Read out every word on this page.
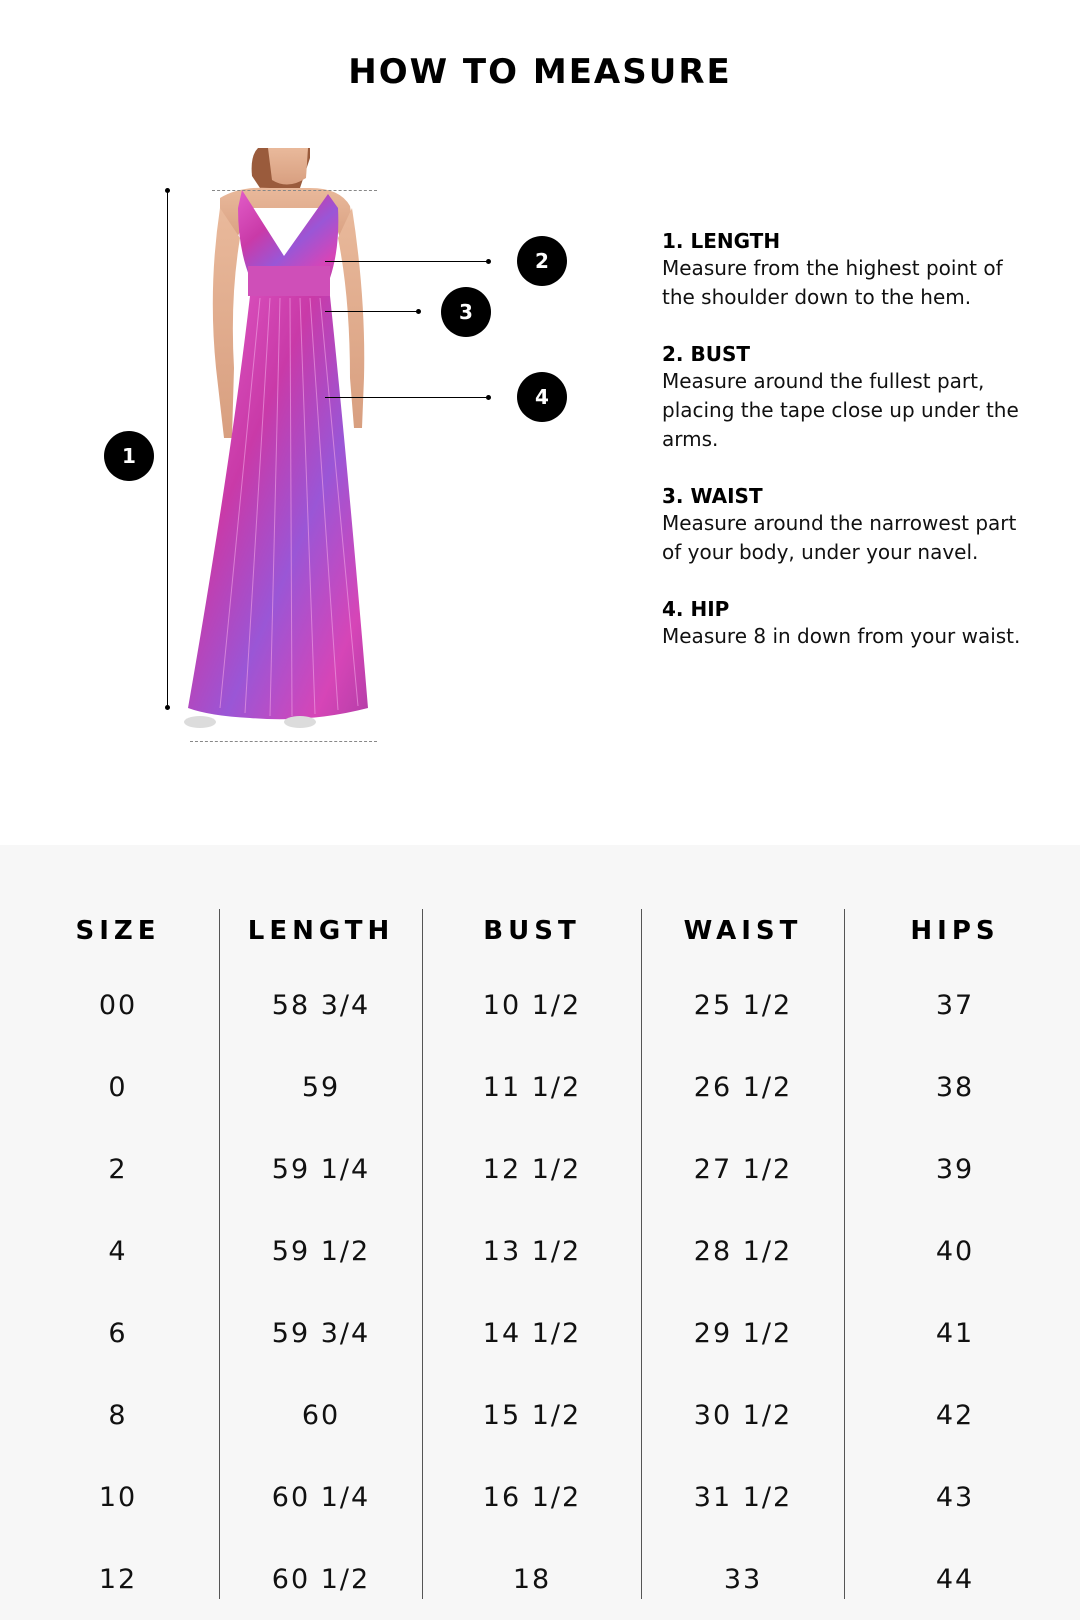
HOW TO MEASURE
1
2
3
4
1. LENGTH
Measure from the highest point of the shoulder down to the hem.
2. BUST
Measure around the fullest part, placing the tape close up under the arms.
3. WAIST
Measure around the narrowest part of your body, under your navel.
4. HIP
Measure 8 in down from your waist.
SIZE	LENGTH	BUST	WAIST	HIPS
00	58 3/4	10 1/2	25 1/2	37
0	59	11 1/2	26 1/2	38
2	59 1/4	12 1/2	27 1/2	39
4	59 1/2	13 1/2	28 1/2	40
6	59 3/4	14 1/2	29 1/2	41
8	60	15 1/2	30 1/2	42
10	60 1/4	16 1/2	31 1/2	43
12	60 1/2	18	33	44
